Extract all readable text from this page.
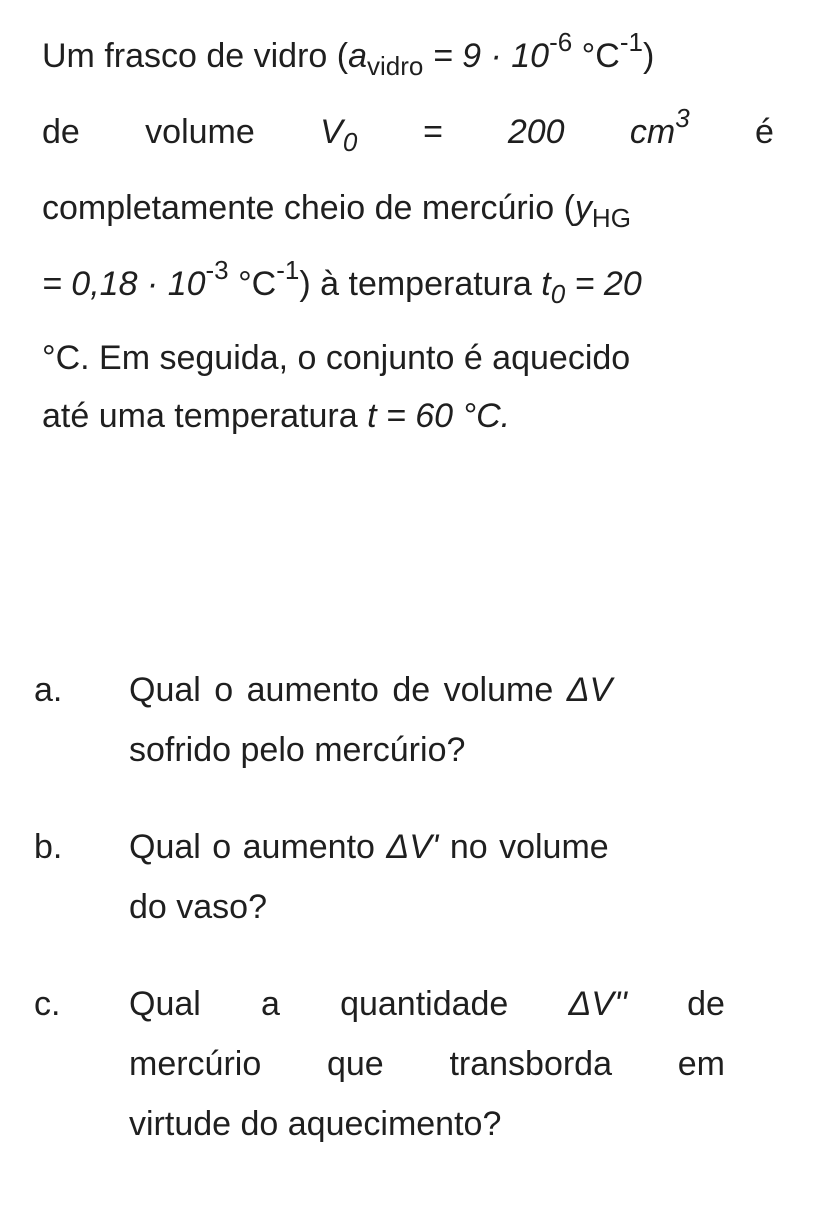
Um frasco de vidro ($a_{vidro} = 9 \cdot 10^{-6}$ $^\circ C^{-1}$)
de volume $V_0 = 200$ $cm^3$ é
completamente cheio de mercúrio ($y_{HG}$
= $0,18 \cdot 10^{-3}$ $^\circ C^{-1}$) à temperatura $t_0 = 20$
°C. Em seguida, o conjunto é aquecido
até uma temperatura t = 60 °C.
a. Qual o aumento de volume ΔV
sofrido pelo mercúrio?
b. Qual o aumento ΔV' no volume
do vaso?
c. Qual a quantidade ΔV'' de
mercúrio que transborda em
virtude do aquecimento?
